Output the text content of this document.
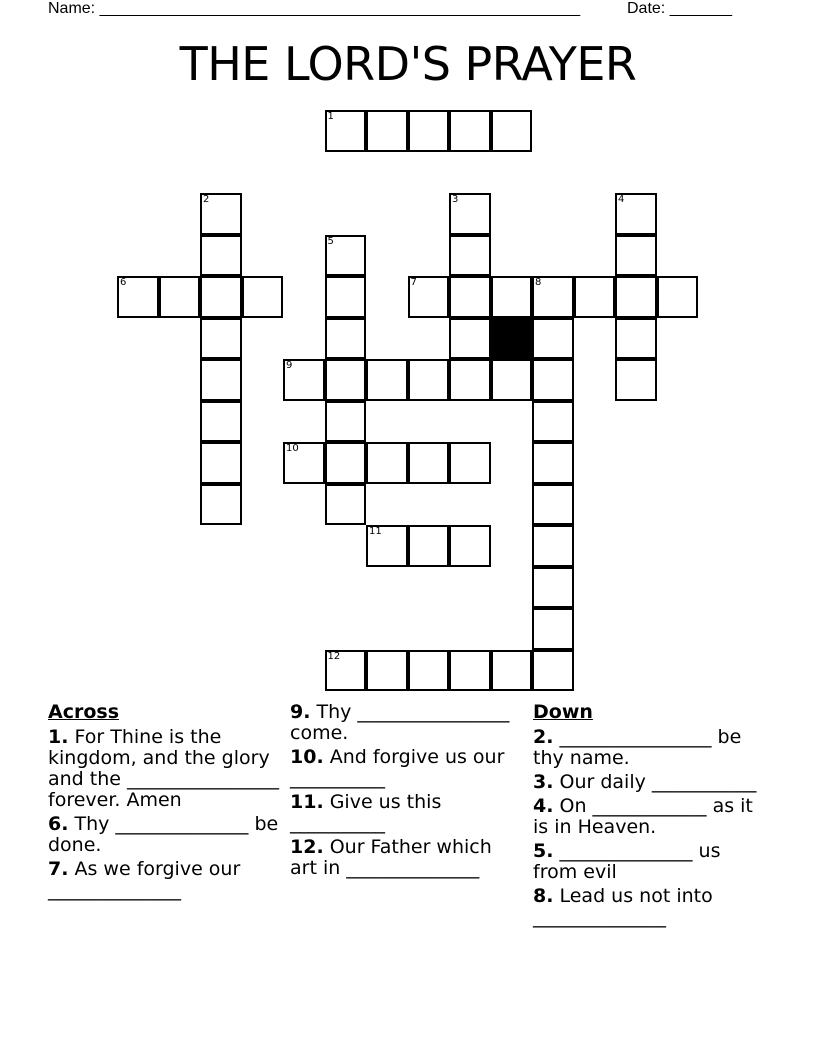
Name: ______________________________________________________	Date: _______
THE LORD'S PRAYER
1
2	3	4
5
6	7	8
9
10
11
12
Across
1. For Thine is the kingdom, and the glory and the ________________ forever. Amen
6. Thy ______________ be done.
7. As we forgive our ______________
9. Thy ________________ come.
10. And forgive us our __________
11. Give us this __________
12. Our Father which art in ______________
Down
2. ________________ be thy name.
3. Our daily ___________
4. On ____________ as it is in Heaven.
5. ______________ us from evil
8. Lead us not into ______________
